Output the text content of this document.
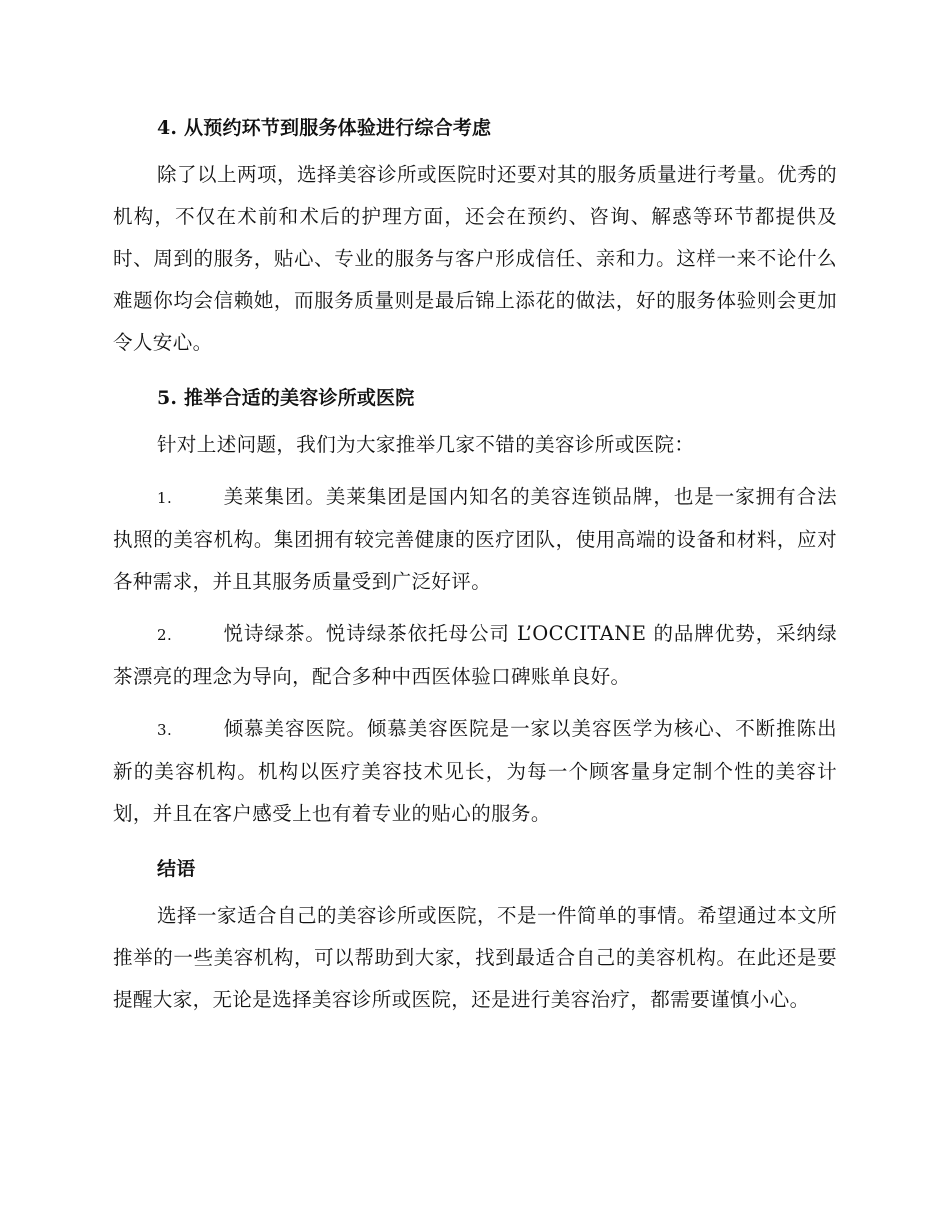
4. 从预约环节到服务体验进行综合考虑

除了以上两项，选择美容诊所或医院时还要对其的服务质量进行考量。优秀的机构，不仅在术前和术后的护理方面，还会在预约、咨询、解惑等环节都提供及时、周到的服务，贴心、专业的服务与客户形成信任、亲和力。这样一来不论什么难题你均会信赖她，而服务质量则是最后锦上添花的做法，好的服务体验则会更加令人安心。

5. 推举合适的美容诊所或医院

针对上述问题，我们为大家推举几家不错的美容诊所或医院：

1.	美莱集团。美莱集团是国内知名的美容连锁品牌，也是一家拥有合法执照的美容机构。集团拥有较完善健康的医疗团队，使用高端的设备和材料，应对各种需求，并且其服务质量受到广泛好评。

2.	悦诗绿茶。悦诗绿茶依托母公司 L’OCCITANE 的品牌优势，采纳绿茶漂亮的理念为导向，配合多种中西医体验口碑账单良好。

3.	倾慕美容医院。倾慕美容医院是一家以美容医学为核心、不断推陈出新的美容机构。机构以医疗美容技术见长，为每一个顾客量身定制个性的美容计划，并且在客户感受上也有着专业的贴心的服务。

结语

选择一家适合自己的美容诊所或医院，不是一件简单的事情。希望通过本文所推举的一些美容机构，可以帮助到大家，找到最适合自己的美容机构。在此还是要提醒大家，无论是选择美容诊所或医院，还是进行美容治疗，都需要谨慎小心。
